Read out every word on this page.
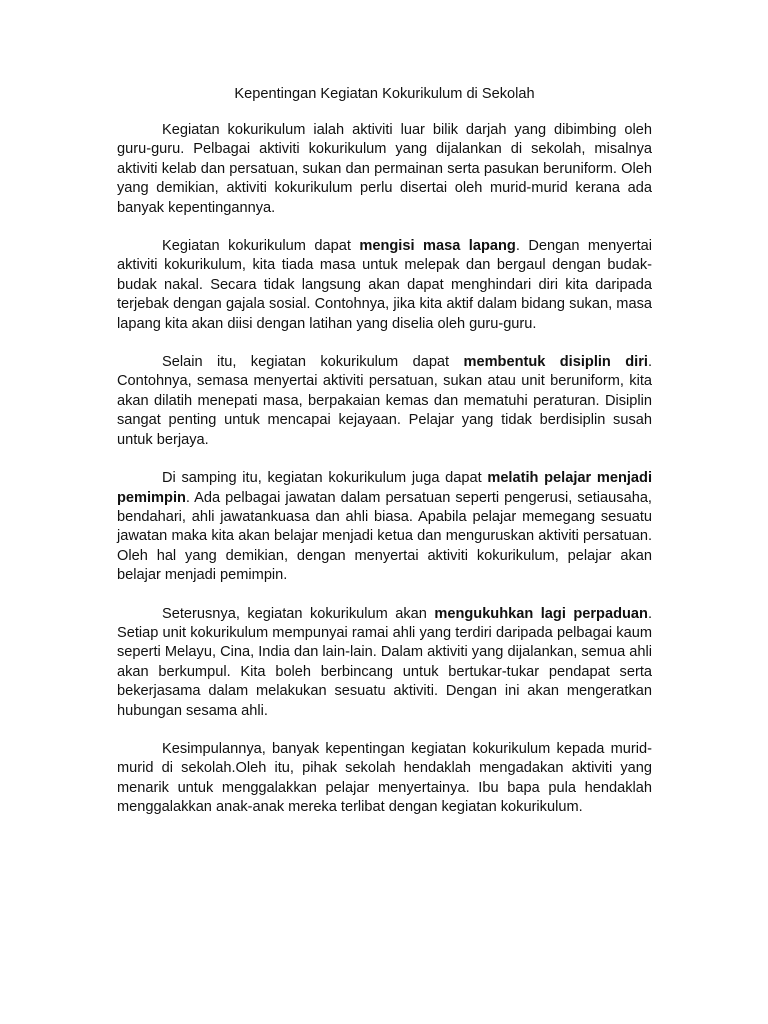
Kepentingan Kegiatan Kokurikulum di Sekolah

Kegiatan kokurikulum ialah aktiviti luar bilik darjah yang dibimbing oleh guru-guru. Pelbagai aktiviti kokurikulum yang dijalankan di sekolah, misalnya aktiviti kelab dan persatuan, sukan dan permainan serta pasukan beruniform. Oleh yang demikian, aktiviti kokurikulum perlu disertai oleh murid-murid kerana ada banyak kepentingannya.

Kegiatan kokurikulum dapat mengisi masa lapang. Dengan menyertai aktiviti kokurikulum, kita tiada masa untuk melepak dan bergaul dengan budak-budak nakal. Secara tidak langsung akan dapat menghindari diri kita daripada terjebak dengan gajala sosial. Contohnya, jika kita aktif dalam bidang sukan, masa lapang kita akan diisi dengan latihan yang diselia oleh guru-guru.

Selain itu, kegiatan kokurikulum dapat membentuk disiplin diri. Contohnya, semasa menyertai aktiviti persatuan, sukan atau unit beruniform, kita akan dilatih menepati masa, berpakaian kemas dan mematuhi peraturan. Disiplin sangat penting untuk mencapai kejayaan. Pelajar yang tidak berdisiplin susah untuk berjaya.

Di samping itu, kegiatan kokurikulum juga dapat melatih pelajar menjadi pemimpin. Ada pelbagai jawatan dalam persatuan seperti pengerusi, setiausaha, bendahari, ahli jawatankuasa dan ahli biasa. Apabila pelajar memegang sesuatu jawatan maka kita akan belajar menjadi ketua dan menguruskan aktiviti persatuan. Oleh hal yang demikian, dengan menyertai aktiviti kokurikulum, pelajar akan belajar menjadi pemimpin.

Seterusnya, kegiatan kokurikulum akan mengukuhkan lagi perpaduan. Setiap unit kokurikulum mempunyai ramai ahli yang terdiri daripada pelbagai kaum seperti Melayu, Cina, India dan lain-lain. Dalam aktiviti yang dijalankan, semua ahli akan berkumpul. Kita boleh berbincang untuk bertukar-tukar pendapat serta bekerjasama dalam melakukan sesuatu aktiviti. Dengan ini akan mengeratkan hubungan sesama ahli.

Kesimpulannya, banyak kepentingan kegiatan kokurikulum kepada murid-murid di sekolah.Oleh itu, pihak sekolah hendaklah mengadakan aktiviti yang menarik untuk menggalakkan pelajar menyertainya. Ibu bapa pula hendaklah menggalakkan anak-anak mereka terlibat dengan kegiatan kokurikulum.
